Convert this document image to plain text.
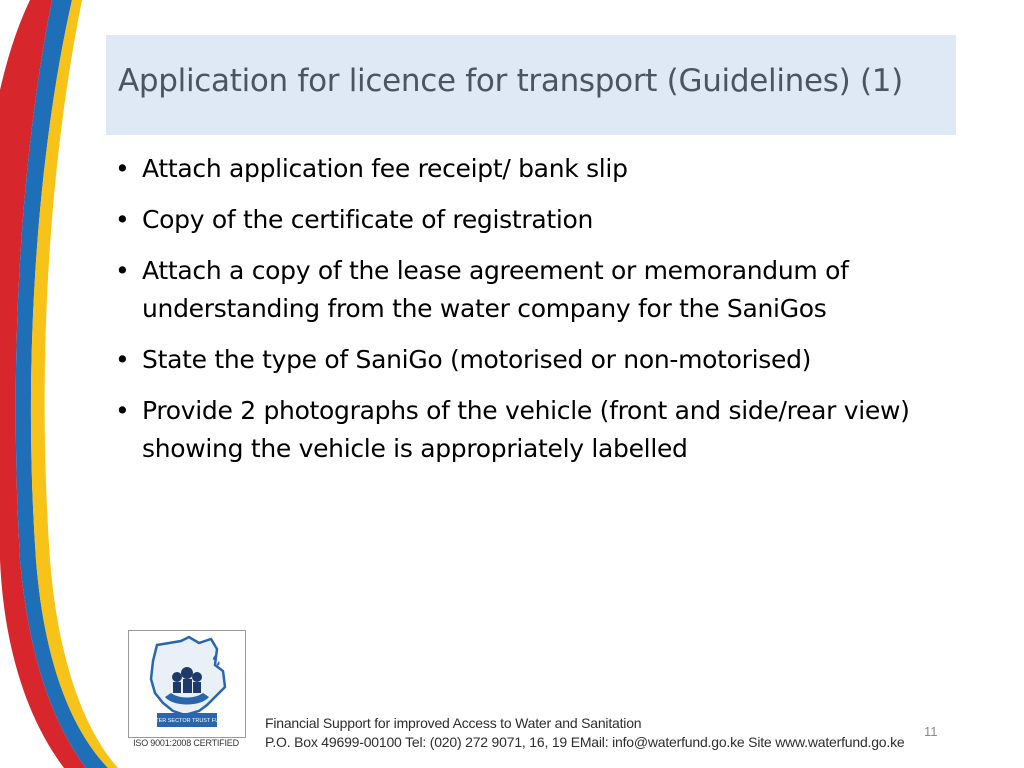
Application for licence for transport (Guidelines) (1)
• Attach application fee receipt/ bank slip
• Copy of the certificate of registration
• Attach a copy of the lease agreement or memorandum of understanding from the water company for the SaniGos
• State the type of SaniGo (motorised or non-motorised)
• Provide 2 photographs of the vehicle (front and side/rear view) showing the vehicle is appropriately labelled
WATER SECTOR TRUST FUND
ISO 9001:2008 CERTIFIED
Financial Support for improved Access to Water and Sanitation
P.O. Box 49699-00100 Tel: (020) 272 9071, 16, 19 EMail: info@waterfund.go.ke Site www.waterfund.go.ke
11
